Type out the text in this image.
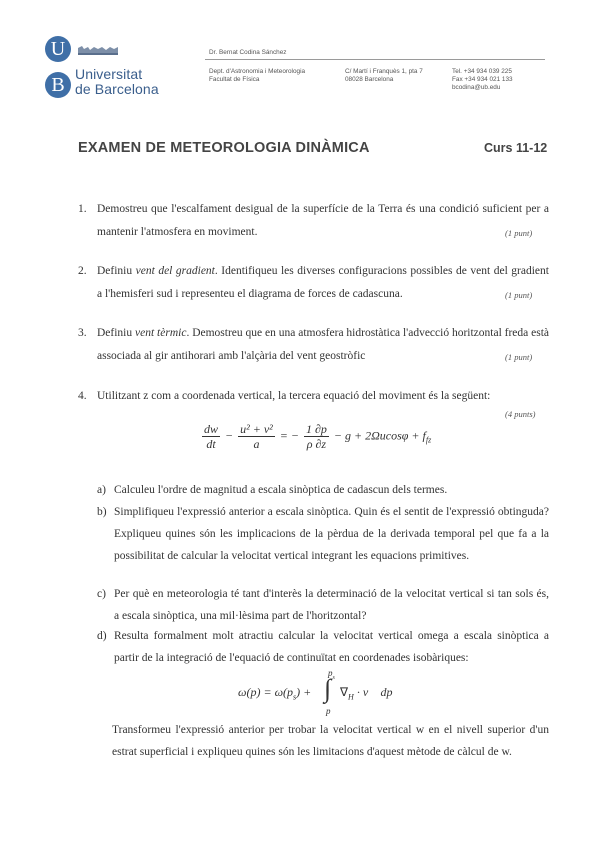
U
B Universitat
de Barcelona
Dr. Bernat Codina Sánchez
Dept. d'Astronomia i Meteorologia
Facultat de Física
C/ Martí i Franquès 1, pta 7
08028 Barcelona
Tel. +34 934 039 225
Fax +34 934 021 133
bcodina@ub.edu
EXAMEN DE METEOROLOGIA DINÀMICA	Curs 11-12
1. Demostreu que l'escalfament desigual de la superfície de la Terra és una condició suficient per a mantenir l'atmosfera en moviment.	(1 punt)
2. Definiu vent del gradient. Identifiqueu les diverses configuracions possibles de vent del gradient a l'hemisferi sud i representeu el diagrama de forces de cadascuna.	(1 punt)
3. Definiu vent tèrmic. Demostreu que en una atmosfera hidrostàtica l'advecció horitzontal freda està associada al gir antihorari amb l'alçària del vent geostròfic	(1 punt)
4. Utilitzant z com a coordenada vertical, la tercera equació del moviment és la següent:
(4 punts)
$\frac{dw}{dt} - \frac{\text{u² + v²}}{a}$ = − $\frac{1 \partial p}{\rho \partial z} - g + 2\Omega ucos\varphi + f_{fz}$
a) Calculeu l'ordre de magnitud a escala sinòptica de cadascun dels termes.
b) Simplifiqueu l'expressió anterior a escala sinòptica. Quin és el sentit de l'expressió obtinguda? Expliqueu quines són les implicacions de la pèrdua de la derivada temporal pel que fa a la possibilitat de calcular la velocitat vertical integrant les equacions primitives.
c) Per què en meteorologia té tant d'interès la determinació de la velocitat vertical si tan sols és, a escala sinòptica, una mil·lèsima part de l'horitzontal?
d) Resulta formalment molt atractiu calcular la velocitat vertical omega a escala sinòptica a partir de la integració de l'equació de continuïtat en coordenades isobàriques:
$\omega(p) = \omega(p_s)$ +
$p_s$
∫
p
$\nabla_H$ · v⃗ dp
Transformeu l'expressió anterior per trobar la velocitat vertical w en el nivell superior d'un estrat superficial i expliqueu quines són les limitacions d'aquest mètode de càlcul de w.
